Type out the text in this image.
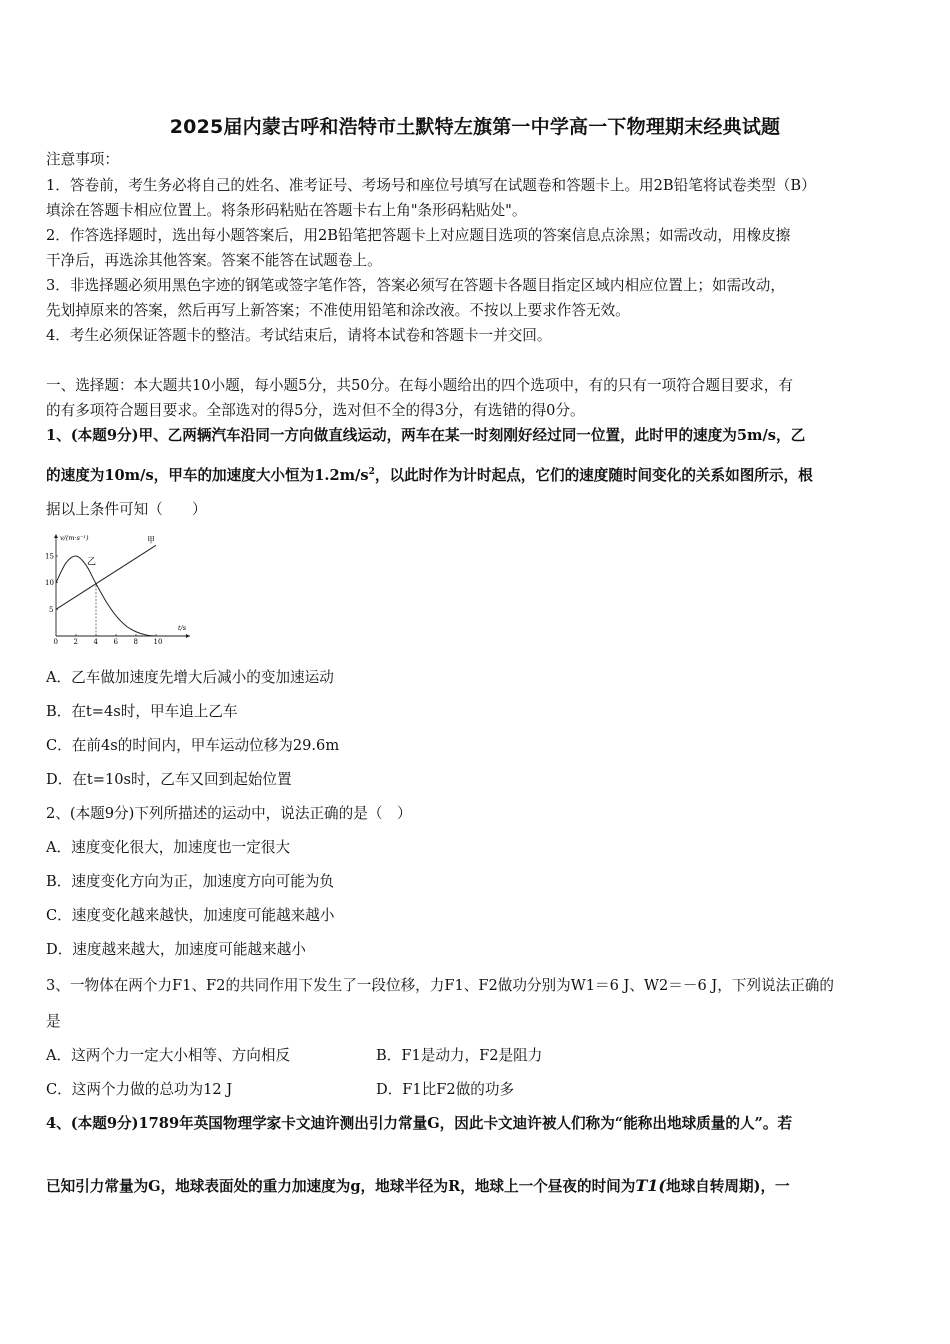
2025届内蒙古呼和浩特市土默特左旗第一中学高一下物理期末经典试题
注意事项：
1．答卷前，考生务必将自己的姓名、准考证号、考场号和座位号填写在试题卷和答题卡上。用2B铅笔将试卷类型（B）
填涂在答题卡相应位置上。将条形码粘贴在答题卡右上角"条形码粘贴处"。
2．作答选择题时，选出每小题答案后，用2B铅笔把答题卡上对应题目选项的答案信息点涂黑；如需改动，用橡皮擦
干净后，再选涂其他答案。答案不能答在试题卷上。
3．非选择题必须用黑色字迹的钢笔或签字笔作答，答案必须写在答题卡各题目指定区域内相应位置上；如需改动，
先划掉原来的答案，然后再写上新答案；不准使用铅笔和涂改液。不按以上要求作答无效。
4．考生必须保证答题卡的整洁。考试结束后，请将本试卷和答题卡一并交回。
一、选择题：本大题共10小题，每小题5分，共50分。在每小题给出的四个选项中，有的只有一项符合题目要求，有
的有多项符合题目要求。全部选对的得5分，选对但不全的得3分，有选错的得0分。
1、(本题9分)甲、乙两辆汽车沿同一方向做直线运动，两车在某一时刻刚好经过同一位置，此时甲的速度为5m/s，乙
的速度为10m/s，甲车的加速度大小恒为$1.2m/s^2$，以此时作为计时起点，它们的速度随时间变化的关系如图所示，根
据以上条件可知（　　）
v/(m·s⁻¹)
t/s
0 2 4 6 8 10
5
10
15
甲
乙
A．乙车做加速度先增大后减小的变加速运动
B．在t=4s时，甲车追上乙车
C．在前4s的时间内，甲车运动位移为29.6m
D．在t=10s时，乙车又回到起始位置
2、(本题9分)下列所描述的运动中，说法正确的是（　）
A．速度变化很大，加速度也一定很大
B．速度变化方向为正，加速度方向可能为负
C．速度变化越来越快，加速度可能越来越小
D．速度越来越大，加速度可能越来越小
3、一物体在两个力F1、F2的共同作用下发生了一段位移，力F1、F2做功分别为W1＝6 J、W2＝－6 J，下列说法正确的
是
A．这两个力一定大小相等、方向相反	B．F1是动力，F2是阻力
C．这两个力做的总功为12 J	D．F1比F2做的功多
4、(本题9分)1789年英国物理学家卡文迪许测出引力常量G，因此卡文迪许被人们称为“能称出地球质量的人”。若
已知引力常量为G，地球表面处的重力加速度为g，地球半径为R，地球上一个昼夜的时间为T1(地球自转周期)，一
